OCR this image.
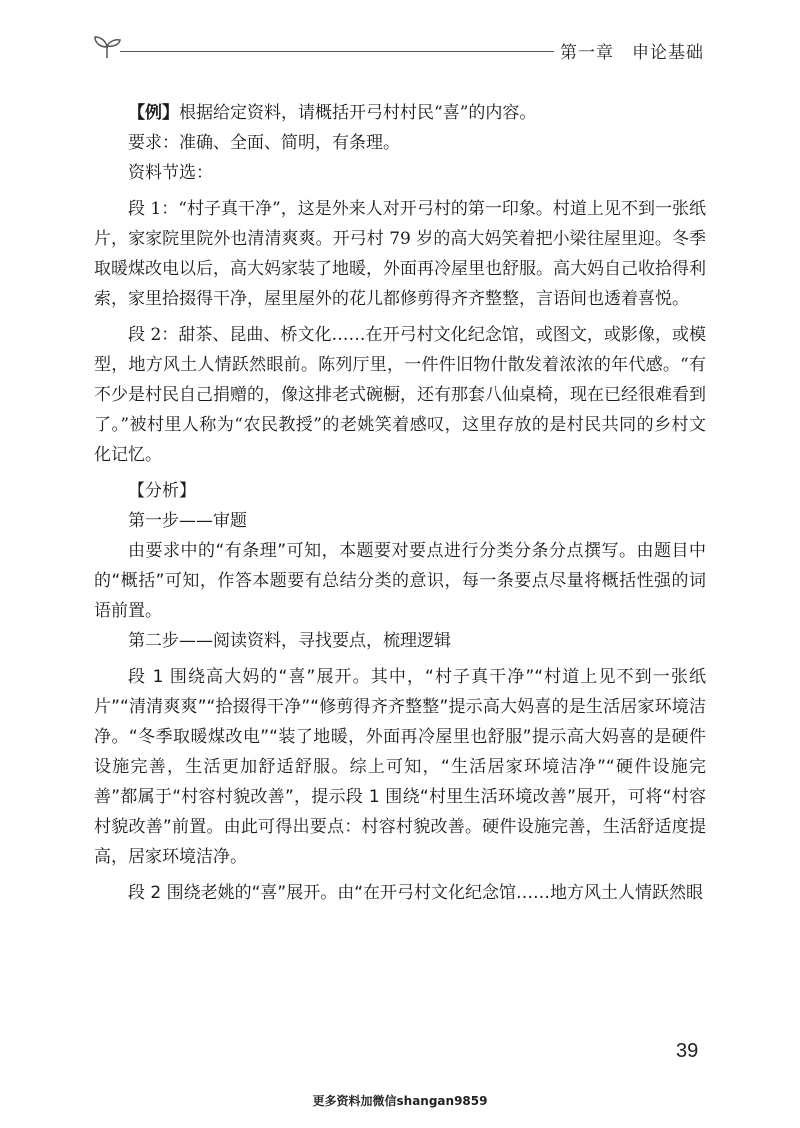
第一章 申论基础

【例】根据给定资料，请概括开弓村村民“喜”的内容。

要求：准确、全面、简明，有条理。

资料节选：

段 1：“村子真干净”，这是外来人对开弓村的第一印象。村道上见不到一张纸片，家家院里院外也清清爽爽。开弓村 79 岁的高大妈笑着把小梁往屋里迎。冬季取暖煤改电以后，高大妈家装了地暖，外面再冷屋里也舒服。高大妈自己收拾得利索，家里拾掇得干净，屋里屋外的花儿都修剪得齐齐整整，言语间也透着喜悦。

段 2：甜茶、昆曲、桥文化……在开弓村文化纪念馆，或图文，或影像，或模型，地方风土人情跃然眼前。陈列厅里，一件件旧物什散发着浓浓的年代感。“有不少是村民自己捐赠的，像这排老式碗橱，还有那套八仙桌椅，现在已经很难看到了。”被村里人称为“农民教授”的老姚笑着感叹，这里存放的是村民共同的乡村文化记忆。

【分析】

第一步——审题

由要求中的“有条理”可知，本题要对要点进行分类分条分点撰写。由题目中的“概括”可知，作答本题要有总结分类的意识，每一条要点尽量将概括性强的词语前置。

第二步——阅读资料，寻找要点，梳理逻辑

段 1 围绕高大妈的“喜”展开。其中，“村子真干净”“村道上见不到一张纸片”“清清爽爽”“拾掇得干净”“修剪得齐齐整整”提示高大妈喜的是生活居家环境洁净。“冬季取暖煤改电”“装了地暖，外面再冷屋里也舒服”提示高大妈喜的是硬件设施完善，生活更加舒适舒服。综上可知，“生活居家环境洁净”“硬件设施完善”都属于“村容村貌改善”，提示段 1 围绕“村里生活环境改善”展开，可将“村容村貌改善”前置。由此可得出要点：村容村貌改善。硬件设施完善，生活舒适度提高，居家环境洁净。

段 2 围绕老姚的“喜”展开。由“在开弓村文化纪念馆……地方风土人情跃然眼

39
更多资料加微信shangan9859
